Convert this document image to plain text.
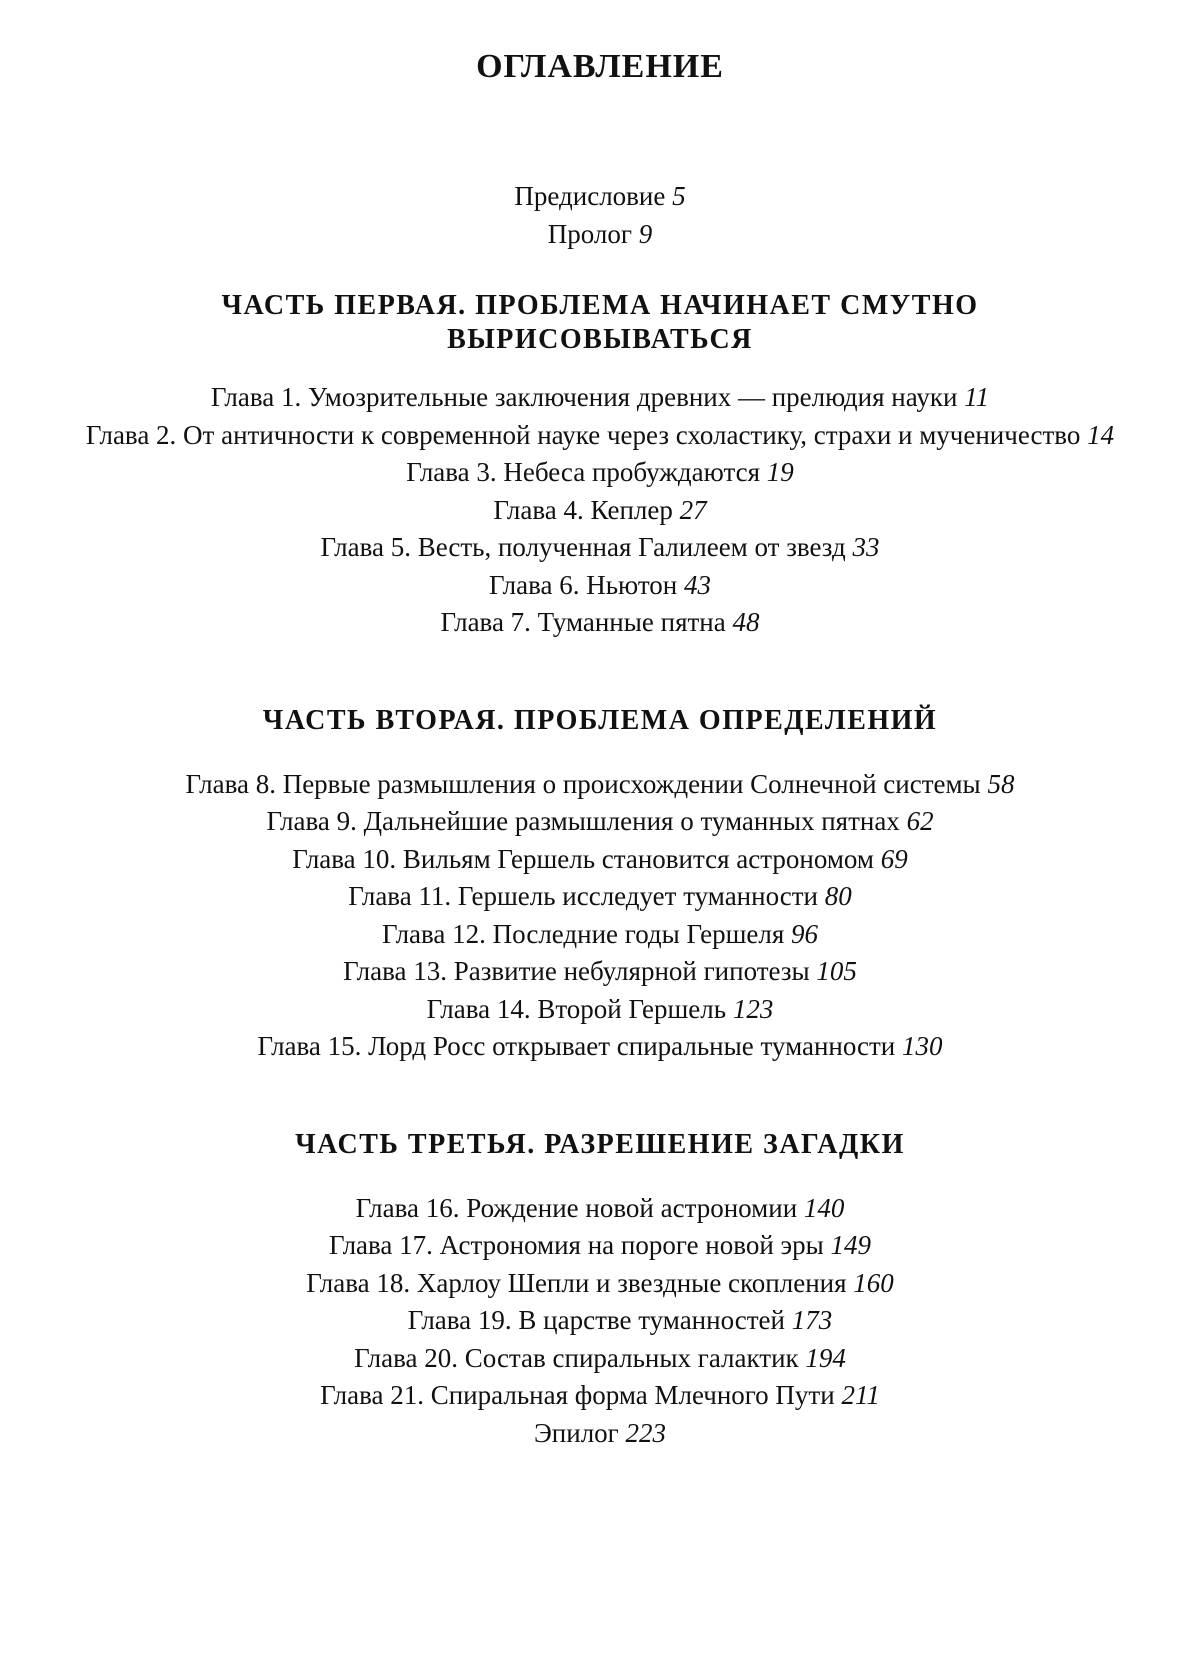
ОГЛАВЛЕНИЕ

Предисловие 5

Пролог 9

ЧАСТЬ ПЕРВАЯ. ПРОБЛЕМА НАЧИНАЕТ СМУТНО
ВЫРИСОВЫВАТЬСЯ

Глава 1. Умозрительные заключения древних — прелюдия науки 11

Глава 2. От античности к современной науке через схоластику, страхи и мученичество 14

Глава 3. Небеса пробуждаются 19

Глава 4. Кеплер 27

Глава 5. Весть, полученная Галилеем от звезд 33

Глава 6. Ньютон 43

Глава 7. Туманные пятна 48

ЧАСТЬ ВТОРАЯ. ПРОБЛЕМА ОПРЕДЕЛЕНИЙ

Глава 8. Первые размышления о происхождении Солнечной системы 58

Глава 9. Дальнейшие размышления о туманных пятнах 62

Глава 10. Вильям Гершель становится астрономом 69

Глава 11. Гершель исследует туманности 80

Глава 12. Последние годы Гершеля 96

Глава 13. Развитие небулярной гипотезы 105

Глава 14. Второй Гершель 123

Глава 15. Лорд Росс открывает спиральные туманности 130

ЧАСТЬ ТРЕТЬЯ. РАЗРЕШЕНИЕ ЗАГАДКИ

Глава 16. Рождение новой астрономии 140

Глава 17. Астрономия на пороге новой эры 149

Глава 18. Харлоу Шепли и звездные скопления 160

Глава 19. В царстве туманностей 173

Глава 20. Состав спиральных галактик 194

Глава 21. Спиральная форма Млечного Пути 211

Эпилог 223
